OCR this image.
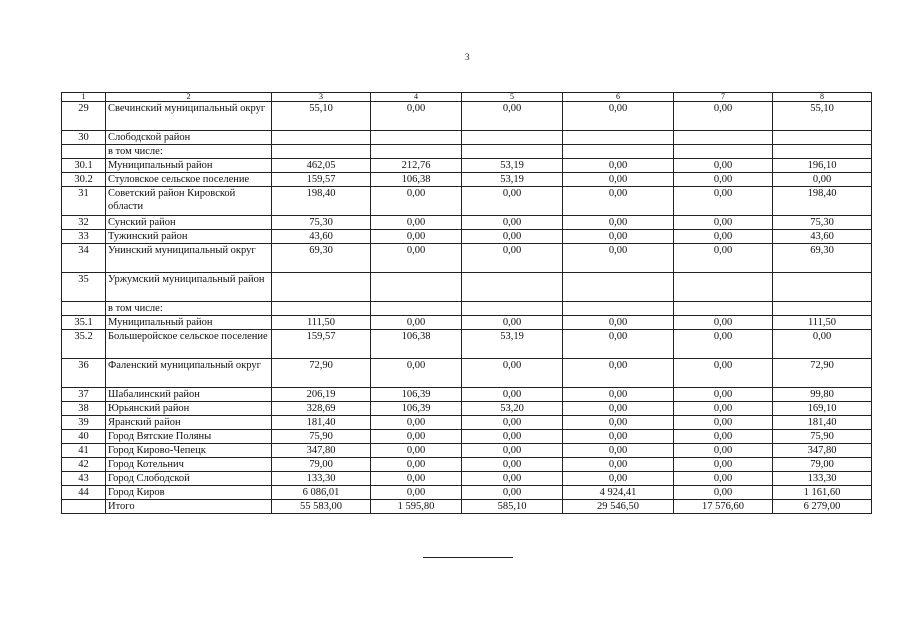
3
1	2	3	4	5	6	7	8
29	Свечинский муниципальный округ	55,10	0,00	0,00	0,00	0,00	55,10
30	Слободской район						
	в том числе:						
30.1	Муниципальный район	462,05	212,76	53,19	0,00	0,00	196,10
30.2	Стуловское сельское поселение	159,57	106,38	53,19	0,00	0,00	0,00
31	Советский район Кировской области	198,40	0,00	0,00	0,00	0,00	198,40
32	Сунский район	75,30	0,00	0,00	0,00	0,00	75,30
33	Тужинский район	43,60	0,00	0,00	0,00	0,00	43,60
34	Унинский муниципальный округ	69,30	0,00	0,00	0,00	0,00	69,30
35	Уржумский муниципальный район						
	в том числе:						
35.1	Муниципальный район	111,50	0,00	0,00	0,00	0,00	111,50
35.2	Большеройское сельское поселение	159,57	106,38	53,19	0,00	0,00	0,00
36	Фаленский муниципальный округ	72,90	0,00	0,00	0,00	0,00	72,90
37	Шабалинский район	206,19	106,39	0,00	0,00	0,00	99,80
38	Юрьянский район	328,69	106,39	53,20	0,00	0,00	169,10
39	Яранский район	181,40	0,00	0,00	0,00	0,00	181,40
40	Город Вятские Поляны	75,90	0,00	0,00	0,00	0,00	75,90
41	Город Кирово-Чепецк	347,80	0,00	0,00	0,00	0,00	347,80
42	Город Котельнич	79,00	0,00	0,00	0,00	0,00	79,00
43	Город Слободской	133,30	0,00	0,00	0,00	0,00	133,30
44	Город Киров	6 086,01	0,00	0,00	4 924,41	0,00	1 161,60
	Итого	55 583,00	1 595,80	585,10	29 546,50	17 576,60	6 279,00
